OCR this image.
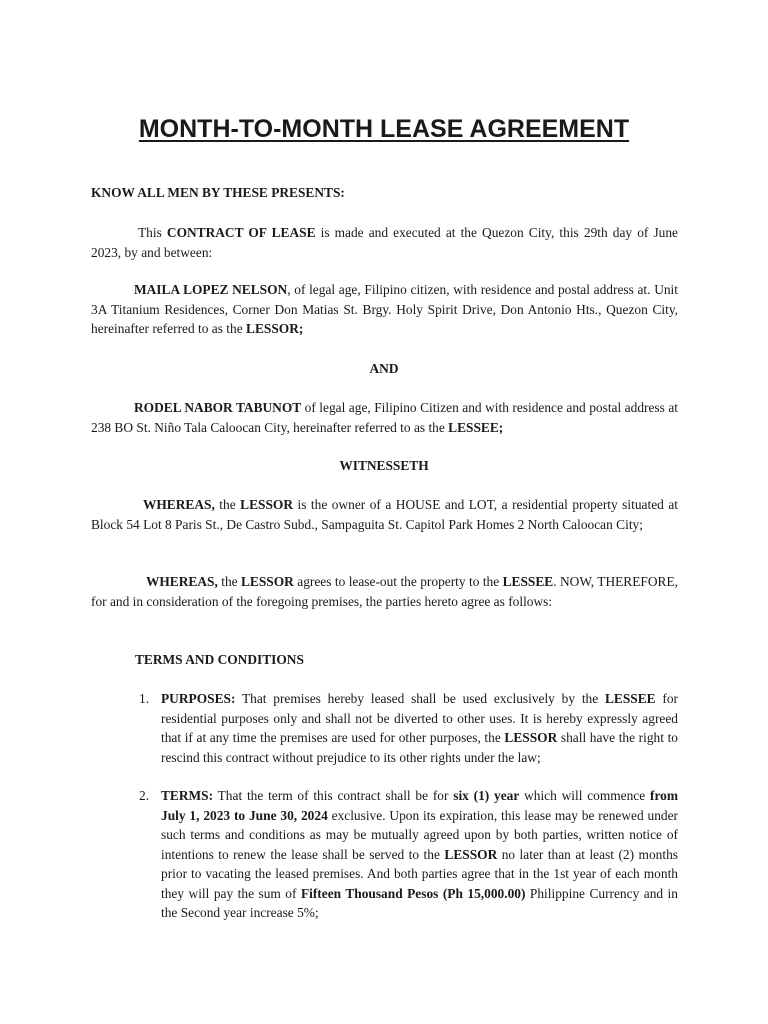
MONTH-TO-MONTH LEASE AGREEMENT

KNOW ALL MEN BY THESE PRESENTS:

This CONTRACT OF LEASE is made and executed at the Quezon City, this 29th day of June 2023, by and between:

MAILA LOPEZ NELSON, of legal age, Filipino citizen, with residence and postal address at. Unit 3A Titanium Residences, Corner Don Matias St. Brgy. Holy Spirit Drive, Don Antonio Hts., Quezon City, hereinafter referred to as the LESSOR;

AND

RODEL NABOR TABUNOT of legal age, Filipino Citizen and with residence and postal address at 238 BO St. Niño Tala Caloocan City, hereinafter referred to as the LESSEE;

WITNESSETH

WHEREAS, the LESSOR is the owner of a HOUSE and LOT, a residential property situated at Block 54 Lot 8 Paris St., De Castro Subd., Sampaguita St. Capitol Park Homes 2 North Caloocan City;

WHEREAS, the LESSOR agrees to lease-out the property to the LESSEE. NOW, THEREFORE, for and in consideration of the foregoing premises, the parties hereto agree as follows:

TERMS AND CONDITIONS
1. PURPOSES: That premises hereby leased shall be used exclusively by the LESSEE for residential purposes only and shall not be diverted to other uses. It is hereby expressly agreed that if at any time the premises are used for other purposes, the LESSOR shall have the right to rescind this contract without prejudice to its other rights under the law;

2. TERMS: That the term of this contract shall be for six (1) year which will commence from July 1, 2023 to June 30, 2024 exclusive. Upon its expiration, this lease may be renewed under such terms and conditions as may be mutually agreed upon by both parties, written notice of intentions to renew the lease shall be served to the LESSOR no later than at least (2) months prior to vacating the leased premises. And both parties agree that in the 1st year of each month they will pay the sum of Fifteen Thousand Pesos (Ph 15,000.00) Philippine Currency and in the Second year increase 5%;
